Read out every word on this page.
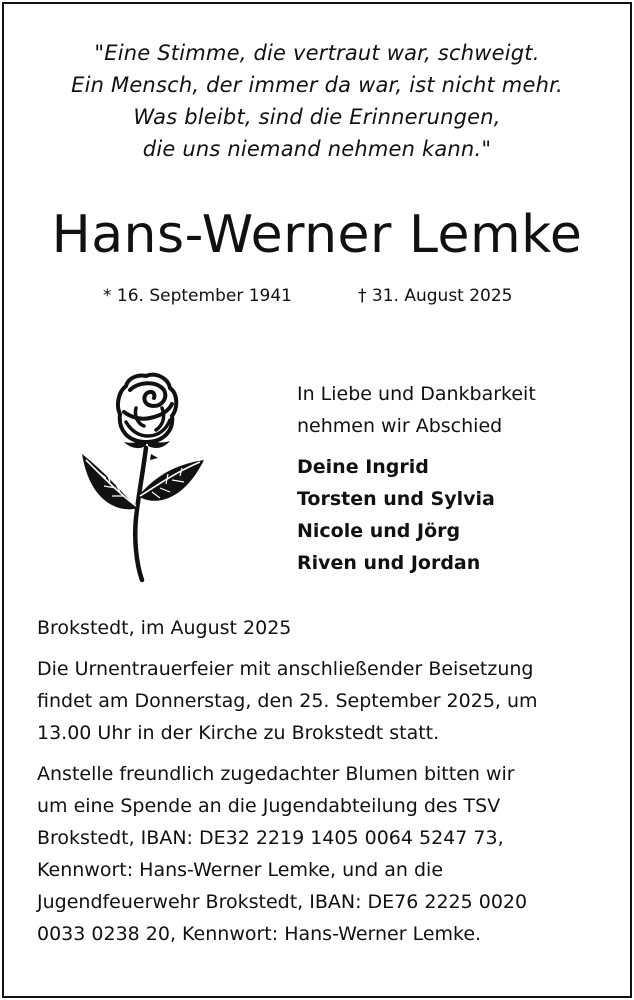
"Eine Stimme, die vertraut war, schweigt.
Ein Mensch, der immer da war, ist nicht mehr.
Was bleibt, sind die Erinnerungen,
die uns niemand nehmen kann."
Hans-Werner Lemke
* 16. September 1941	† 31. August 2025
In Liebe und Dankbarkeit
nehmen wir Abschied
Deine Ingrid
Torsten und Sylvia
Nicole und Jörg
Riven und Jordan
Brokstedt, im August 2025
Die Urnentrauerfeier mit anschließender Beisetzung
findet am Donnerstag, den 25. September 2025, um
13.00 Uhr in der Kirche zu Brokstedt statt.
Anstelle freundlich zugedachter Blumen bitten wir
um eine Spende an die Jugendabteilung des TSV
Brokstedt, IBAN: DE32 2219 1405 0064 5247 73,
Kennwort: Hans-Werner Lemke, und an die
Jugendfeuerwehr Brokstedt, IBAN: DE76 2225 0020
0033 0238 20, Kennwort: Hans-Werner Lemke.
